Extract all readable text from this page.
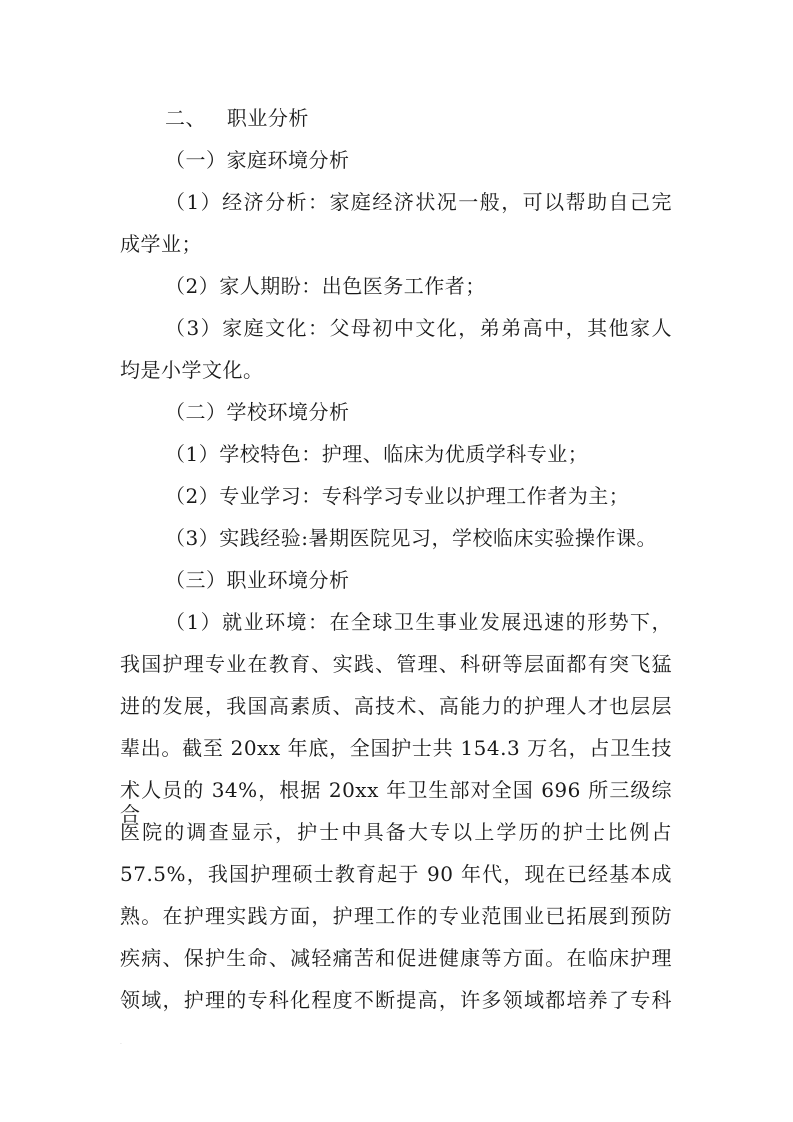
二、 职业分析
（一）家庭环境分析
（1）经济分析：家庭经济状况一般，可以帮助自己完
成学业；
（2）家人期盼：出色医务工作者；
（3）家庭文化：父母初中文化，弟弟高中，其他家人
均是小学文化。
（二）学校环境分析
（1）学校特色：护理、临床为优质学科专业；
（2）专业学习：专科学习专业以护理工作者为主；
（3）实践经验:暑期医院见习，学校临床实验操作课。
（三）职业环境分析
（1）就业环境：在全球卫生事业发展迅速的形势下，
我国护理专业在教育、实践、管理、科研等层面都有突飞猛
进的发展，我国高素质、高技术、高能力的护理人才也层层
辈出。截至 20xx 年底，全国护士共 154.3 万名，占卫生技
术人员的 34%，根据 20xx 年卫生部对全国 696 所三级综合
医院的调查显示，护士中具备大专以上学历的护士比例占
57.5%，我国护理硕士教育起于 90 年代，现在已经基本成
熟。在护理实践方面，护理工作的专业范围业已拓展到预防
疾病、保护生命、减轻痛苦和促进健康等方面。在临床护理
领域，护理的专科化程度不断提高，许多领域都培养了专科
.
